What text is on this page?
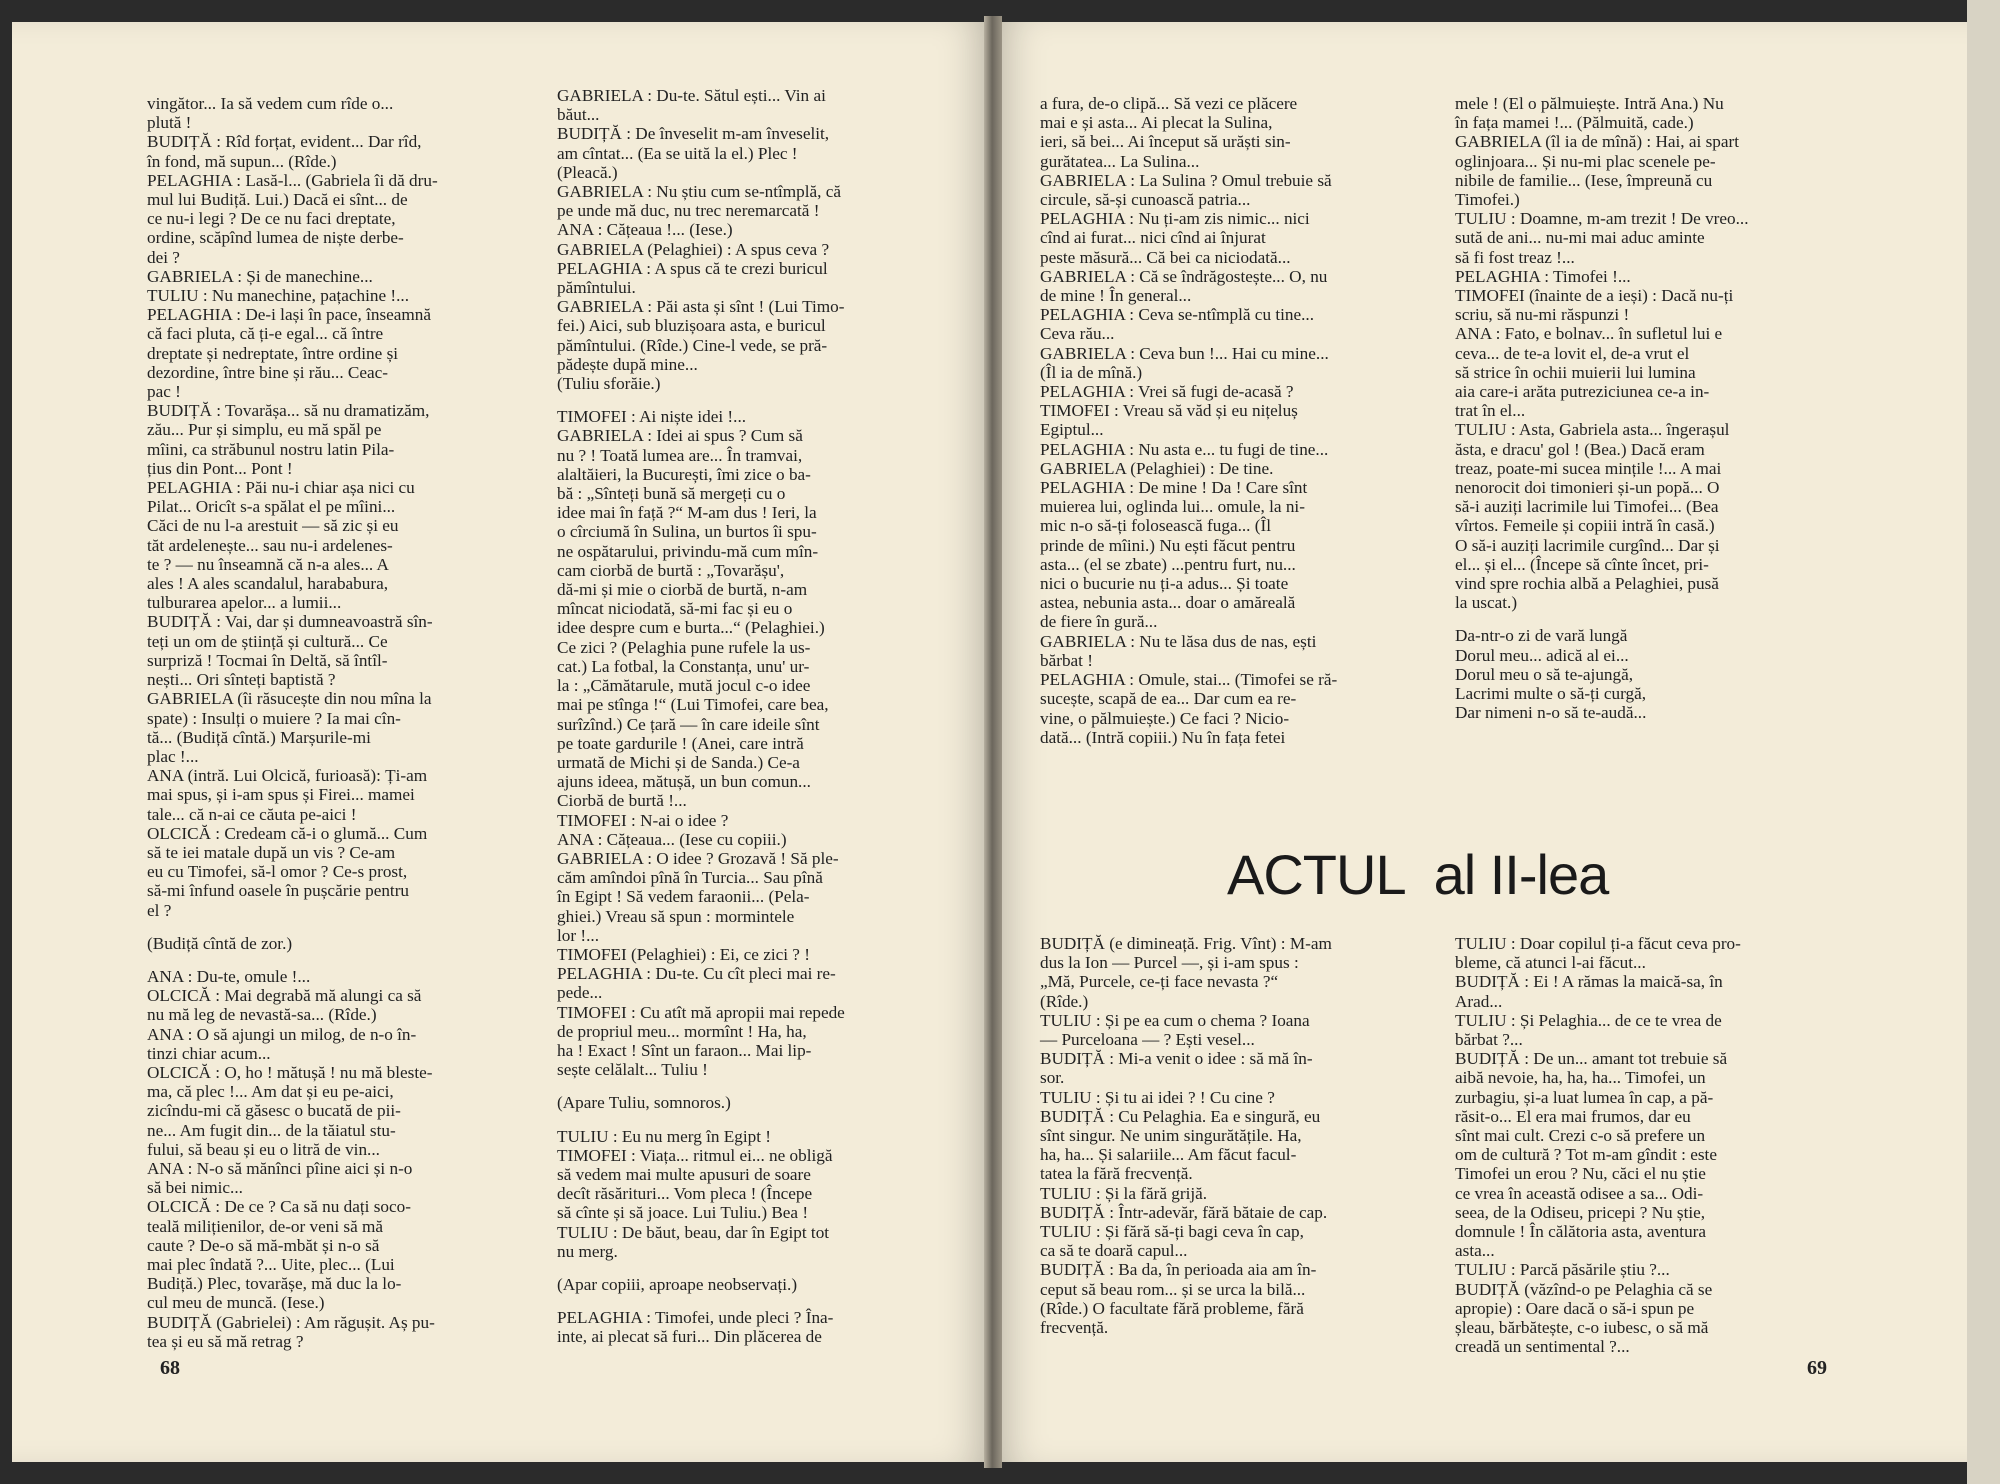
vingător... Ia să vedem cum rîde o...
plută !
BUDIȚĂ : Rîd forțat, evident... Dar rîd,
în fond, mă supun... (Rîde.)
PELAGHIA : Lasă-l... (Gabriela îi dă dru-
mul lui Budiță. Lui.) Dacă ei sînt... de
ce nu-i legi ? De ce nu faci dreptate,
ordine, scăpînd lumea de niște derbe-
dei ?
GABRIELA : Și de manechine...
TULIU : Nu manechine, pațachine !...
PELAGHIA : De-i lași în pace, înseamnă
că faci pluta, că ți-e egal... că între
dreptate și nedreptate, între ordine și
dezordine, între bine și rău... Ceac-
pac !
BUDIȚĂ : Tovarășa... să nu dramatizăm,
zău... Pur și simplu, eu mă spăl pe
mîini, ca străbunul nostru latin Pila-
țius din Pont... Pont !
PELAGHIA : Păi nu-i chiar așa nici cu
Pilat... Oricît s-a spălat el pe mîini...
Căci de nu l-a arestuit — să zic și eu
tăt ardelenește... sau nu-i ardelenes-
te ? — nu înseamnă că n-a ales... A
ales ! A ales scandalul, harababura,
tulburarea apelor... a lumii...
BUDIȚĂ : Vai, dar și dumneavoastră sîn-
teți un om de știință și cultură... Ce
surpriză ! Tocmai în Deltă, să întîl-
nești... Ori sînteți baptistă ?
GABRIELA (îi răsucește din nou mîna la
spate) : Insulți o muiere ? Ia mai cîn-
tă... (Budiță cîntă.) Marșurile-mi
plac !...
ANA (intră. Lui Olcică, furioasă): Ți-am
mai spus, și i-am spus și Firei... mamei
tale... că n-ai ce căuta pe-aici !
OLCICĂ : Credeam că-i o glumă... Cum
să te iei matale după un vis ? Ce-am
eu cu Timofei, să-l omor ? Ce-s prost,
să-mi înfund oasele în pușcărie pentru
el ?
(Budiță cîntă de zor.)
ANA : Du-te, omule !...
OLCICĂ : Mai degrabă mă alungi ca să
nu mă leg de nevastă-sa... (Rîde.)
ANA : O să ajungi un milog, de n-o în-
tinzi chiar acum...
OLCICĂ : O, ho ! mătușă ! nu mă bleste-
ma, că plec !... Am dat și eu pe-aici,
zicîndu-mi că găsesc o bucată de pii-
ne... Am fugit din... de la tăiatul stu-
fului, să beau și eu o litră de vin...
ANA : N-o să mănînci pîine aici și n-o
să bei nimic...
OLCICĂ : De ce ? Ca să nu dați soco-
teală milițienilor, de-or veni să mă
caute ? De-o să mă-mbăt și n-o să
mai plec îndată ?... Uite, plec... (Lui
Budiță.) Plec, tovarășe, mă duc la lo-
cul meu de muncă. (Iese.)
BUDIȚĂ (Gabrielei) : Am răgușit. Aș pu-
tea și eu să mă retrag ?
GABRIELA : Du-te. Sătul ești... Vin ai
băut...
BUDIȚĂ : De înveselit m-am înveselit,
am cîntat... (Ea se uită la el.) Plec !
(Pleacă.)
GABRIELA : Nu știu cum se-ntîmplă, că
pe unde mă duc, nu trec neremarcată !
ANA : Cățeaua !... (Iese.)
GABRIELA (Pelaghiei) : A spus ceva ?
PELAGHIA : A spus că te crezi buricul
pămîntului.
GABRIELA : Păi asta și sînt ! (Lui Timo-
fei.) Aici, sub bluzișoara asta, e buricul
pămîntului. (Rîde.) Cine-l vede, se pră-
pădește după mine...
(Tuliu sforăie.)
TIMOFEI : Ai niște idei !...
GABRIELA : Idei ai spus ? Cum să
nu ? ! Toată lumea are... În tramvai,
alaltăieri, la București, îmi zice o ba-
bă : „Sînteți bună să mergeți cu o
idee mai în față ?“ M-am dus ! Ieri, la
o cîrciumă în Sulina, un burtos îi spu-
ne ospătarului, privindu-mă cum mîn-
cam ciorbă de burtă : „Tovarășu',
dă-mi și mie o ciorbă de burtă, n-am
mîncat niciodată, să-mi fac și eu o
idee despre cum e burta...“ (Pelaghiei.)
Ce zici ? (Pelaghia pune rufele la us-
cat.) La fotbal, la Constanța, unu' ur-
la : „Cămătarule, mută jocul c-o idee
mai pe stînga !“ (Lui Timofei, care bea,
surîzînd.) Ce țară — în care ideile sînt
pe toate gardurile ! (Anei, care intră
urmată de Michi și de Sanda.) Ce-a
ajuns ideea, mătușă, un bun comun...
Ciorbă de burtă !...
TIMOFEI : N-ai o idee ?
ANA : Cățeaua... (Iese cu copiii.)
GABRIELA : O idee ? Grozavă ! Să ple-
căm amîndoi pînă în Turcia... Sau pînă
în Egipt ! Să vedem faraonii... (Pela-
ghiei.) Vreau să spun : mormintele
lor !...
TIMOFEI (Pelaghiei) : Ei, ce zici ? !
PELAGHIA : Du-te. Cu cît pleci mai re-
pede...
TIMOFEI : Cu atît mă apropii mai repede
de propriul meu... mormînt ! Ha, ha,
ha ! Exact ! Sînt un faraon... Mai lip-
sește celălalt... Tuliu !
(Apare Tuliu, somnoros.)
TULIU : Eu nu merg în Egipt !
TIMOFEI : Viața... ritmul ei... ne obligă
să vedem mai multe apusuri de soare
decît răsărituri... Vom pleca ! (Începe
să cînte și să joace. Lui Tuliu.) Bea !
TULIU : De băut, beau, dar în Egipt tot
nu merg.
(Apar copiii, aproape neobservați.)
PELAGHIA : Timofei, unde pleci ? Îna-
inte, ai plecat să furi... Din plăcerea de
68
a fura, de-o clipă... Să vezi ce plăcere
mai e și asta... Ai plecat la Sulina,
ieri, să bei... Ai început să urăști sin-
gurătatea... La Sulina...
GABRIELA : La Sulina ? Omul trebuie să
circule, să-și cunoască patria...
PELAGHIA : Nu ți-am zis nimic... nici
cînd ai furat... nici cînd ai înjurat
peste măsură... Că bei ca niciodată...
GABRIELA : Că se îndrăgostește... O, nu
de mine ! În general...
PELAGHIA : Ceva se-ntîmplă cu tine...
Ceva rău...
GABRIELA : Ceva bun !... Hai cu mine...
(Îl ia de mînă.)
PELAGHIA : Vrei să fugi de-acasă ?
TIMOFEI : Vreau să văd și eu nițeluș
Egiptul...
PELAGHIA : Nu asta e... tu fugi de tine...
GABRIELA (Pelaghiei) : De tine.
PELAGHIA : De mine ! Da ! Care sînt
muierea lui, oglinda lui... omule, la ni-
mic n-o să-ți folosească fuga... (Îl
prinde de mîini.) Nu ești făcut pentru
asta... (el se zbate) ...pentru furt, nu...
nici o bucurie nu ți-a adus... Și toate
astea, nebunia asta... doar o amăreală
de fiere în gură...
GABRIELA : Nu te lăsa dus de nas, ești
bărbat !
PELAGHIA : Omule, stai... (Timofei se ră-
sucește, scapă de ea... Dar cum ea re-
vine, o pălmuiește.) Ce faci ? Nicio-
dată... (Intră copiii.) Nu în fața fetei
mele ! (El o pălmuiește. Intră Ana.) Nu
în fața mamei !... (Pălmuită, cade.)
GABRIELA (îl ia de mînă) : Hai, ai spart
oglinjoara... Și nu-mi plac scenele pe-
nibile de familie... (Iese, împreună cu
Timofei.)
TULIU : Doamne, m-am trezit ! De vreo...
sută de ani... nu-mi mai aduc aminte
să fi fost treaz !...
PELAGHIA : Timofei !...
TIMOFEI (înainte de a ieși) : Dacă nu-ți
scriu, să nu-mi răspunzi !
ANA : Fato, e bolnav... în sufletul lui e
ceva... de te-a lovit el, de-a vrut el
să strice în ochii muierii lui lumina
aia care-i arăta putreziciunea ce-a in-
trat în el...
TULIU : Asta, Gabriela asta... îngerașul
ăsta, e dracu' gol ! (Bea.) Dacă eram
treaz, poate-mi sucea mințile !... A mai
nenorocit doi timonieri și-un popă... O
să-i auziți lacrimile lui Timofei... (Bea
vîrtos. Femeile și copiii intră în casă.)
O să-i auziți lacrimile curgînd... Dar și
el... și el... (Începe să cînte încet, pri-
vind spre rochia albă a Pelaghiei, pusă
la uscat.)
Da-ntr-o zi de vară lungă
Dorul meu... adică al ei...
Dorul meu o să te-ajungă,
Lacrimi multe o să-ți curgă,
Dar nimeni n-o să te-audă...
ACTUL al II-lea
BUDIȚĂ (e dimineață. Frig. Vînt) : M-am
dus la Ion — Purcel —, și i-am spus :
„Mă, Purcele, ce-ți face nevasta ?“
(Rîde.)
TULIU : Și pe ea cum o chema ? Ioana
— Purceloana — ? Ești vesel...
BUDIȚĂ : Mi-a venit o idee : să mă în-
sor.
TULIU : Și tu ai idei ? ! Cu cine ?
BUDIȚĂ : Cu Pelaghia. Ea e singură, eu
sînt singur. Ne unim singurătățile. Ha,
ha, ha... Și salariile... Am făcut facul-
tatea la fără frecvență.
TULIU : Și la fără grijă.
BUDIȚĂ : Într-adevăr, fără bătaie de cap.
TULIU : Și fără să-ți bagi ceva în cap,
ca să te doară capul...
BUDIȚĂ : Ba da, în perioada aia am în-
ceput să beau rom... și se urca la bilă...
(Rîde.) O facultate fără probleme, fără
frecvență.
TULIU : Doar copilul ți-a făcut ceva pro-
bleme, că atunci l-ai făcut...
BUDIȚĂ : Ei ! A rămas la maică-sa, în
Arad...
TULIU : Și Pelaghia... de ce te vrea de
bărbat ?...
BUDIȚĂ : De un... amant tot trebuie să
aibă nevoie, ha, ha, ha... Timofei, un
zurbagiu, și-a luat lumea în cap, a pă-
răsit-o... El era mai frumos, dar eu
sînt mai cult. Crezi c-o să prefere un
om de cultură ? Tot m-am gîndit : este
Timofei un erou ? Nu, căci el nu știe
ce vrea în această odisee a sa... Odi-
seea, de la Odiseu, pricepi ? Nu știe,
domnule ! În călătoria asta, aventura
asta...
TULIU : Parcă păsările știu ?...
BUDIȚĂ (văzînd-o pe Pelaghia că se
apropie) : Oare dacă o să-i spun pe
șleau, bărbătește, c-o iubesc, o să mă
creadă un sentimental ?...
69
